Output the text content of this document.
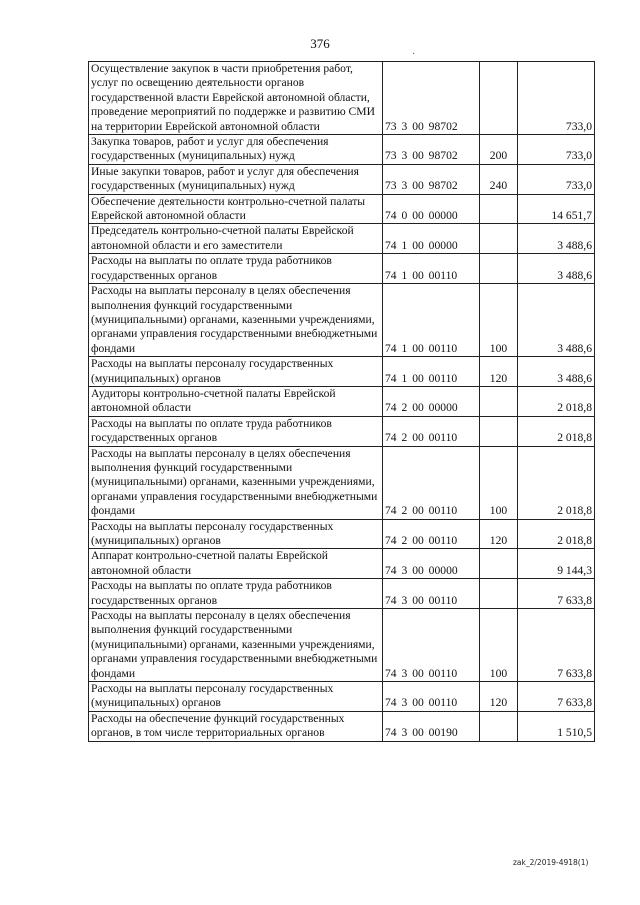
376
·
Осуществление закупок в части приобретения работ, услуг по освещению деятельности органов государственной власти Еврейской автономной области, проведение мероприятий по поддержке и развитию СМИ на территории Еврейской автономной области	73 3 00 98702		733,0
Закупка товаров, работ и услуг для обеспечения государственных (муниципальных) нужд	73 3 00 98702	200	733,0
Иные закупки товаров, работ и услуг для обеспечения государственных (муниципальных) нужд	73 3 00 98702	240	733,0
Обеспечение деятельности контрольно-счетной палаты Еврейской автономной области	74 0 00 00000		14 651,7
Председатель контрольно-счетной палаты Еврейской автономной области и его заместители	74 1 00 00000		3 488,6
Расходы на выплаты по оплате труда работников государственных органов	74 1 00 00110		3 488,6
Расходы на выплаты персоналу в целях обеспечения выполнения функций государственными (муниципальными) органами, казенными учреждениями, органами управления государственными внебюджетными фондами	74 1 00 00110	100	3 488,6
Расходы на выплаты персоналу государственных (муниципальных) органов	74 1 00 00110	120	3 488,6
Аудиторы контрольно-счетной палаты Еврейской автономной области	74 2 00 00000		2 018,8
Расходы на выплаты по оплате труда работников государственных органов	74 2 00 00110		2 018,8
Расходы на выплаты персоналу в целях обеспечения выполнения функций государственными (муниципальными) органами, казенными учреждениями, органами управления государственными внебюджетными фондами	74 2 00 00110	100	2 018,8
Расходы на выплаты персоналу государственных (муниципальных) органов	74 2 00 00110	120	2 018,8
Аппарат контрольно-счетной палаты Еврейской автономной области	74 3 00 00000		9 144,3
Расходы на выплаты по оплате труда работников государственных органов	74 3 00 00110		7 633,8
Расходы на выплаты персоналу в целях обеспечения выполнения функций государственными (муниципальными) органами, казенными учреждениями, органами управления государственными внебюджетными фондами	74 3 00 00110	100	7 633,8
Расходы на выплаты персоналу государственных (муниципальных) органов	74 3 00 00110	120	7 633,8
Расходы на обеспечение функций государственных органов, в том числе территориальных органов	74 3 00 00190		1 510,5
zak_2/2019-4918(1)
